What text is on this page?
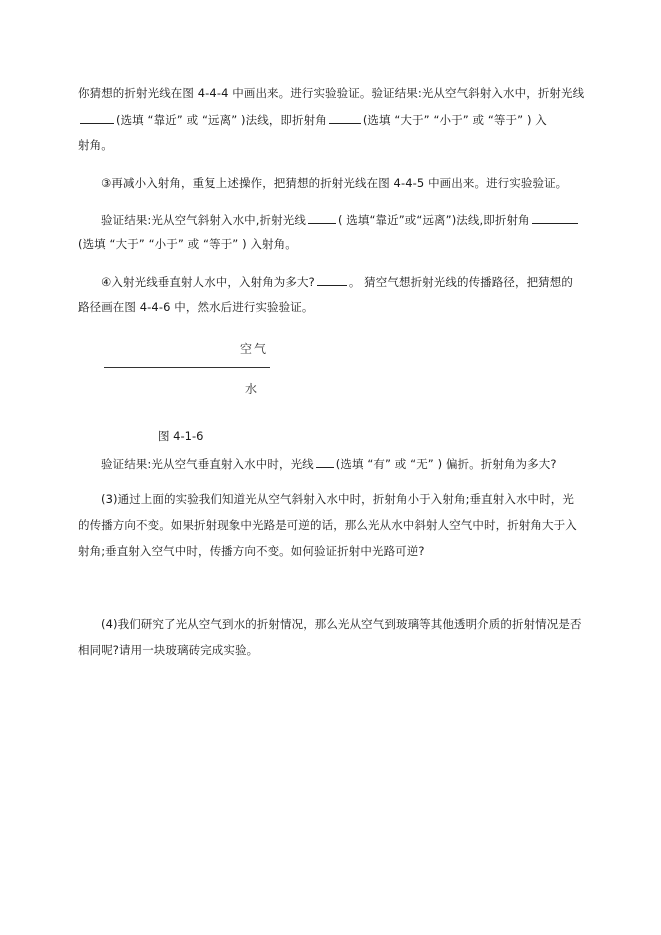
你猜想的折射光线在图 4-4-4 中画出来。进行实验验证。验证结果:光从空气斜射入水中，折射光线
(选填 “靠近” 或 “远离” )法线，即折射角	(选填 “大于” “小于” 或 “等于” ) 入
射角。
③再减小入射角，重复上述操作，把猜想的折射光线在图 4-4-5 中画出来。进行实验验证。
验证结果:光从空气斜射入水中,折射光线	( 选填“靠近”或“远离”)法线,即折射角
(选填 “大于” “小于” 或 “等于” ) 入射角。
④入射光线垂直射人水中，入射角为多大?	。 猜空气想折射光线的传播路径，把猜想的
路径画在图 4-4-6 中，然水后进行实验验证。
空气
水
图 4-1-6
验证结果:光从空气垂直射入水中时，光线 (选填 “有” 或 “无” ) 偏折。折射角为多大?
(3)通过上面的实验我们知道光从空气斜射入水中时，折射角小于入射角;垂直射入水中时，光
的传播方向不变。如果折射现象中光路是可逆的话，那么光从水中斜射人空气中时，折射角大于入
射角;垂直射入空气中时，传播方向不变。如何验证折射中光路可逆?
(4)我们研究了光从空气到水的折射情况，那么光从空气到玻璃等其他透明介质的折射情况是否
相同呢?请用一块玻璃砖完成实验。
